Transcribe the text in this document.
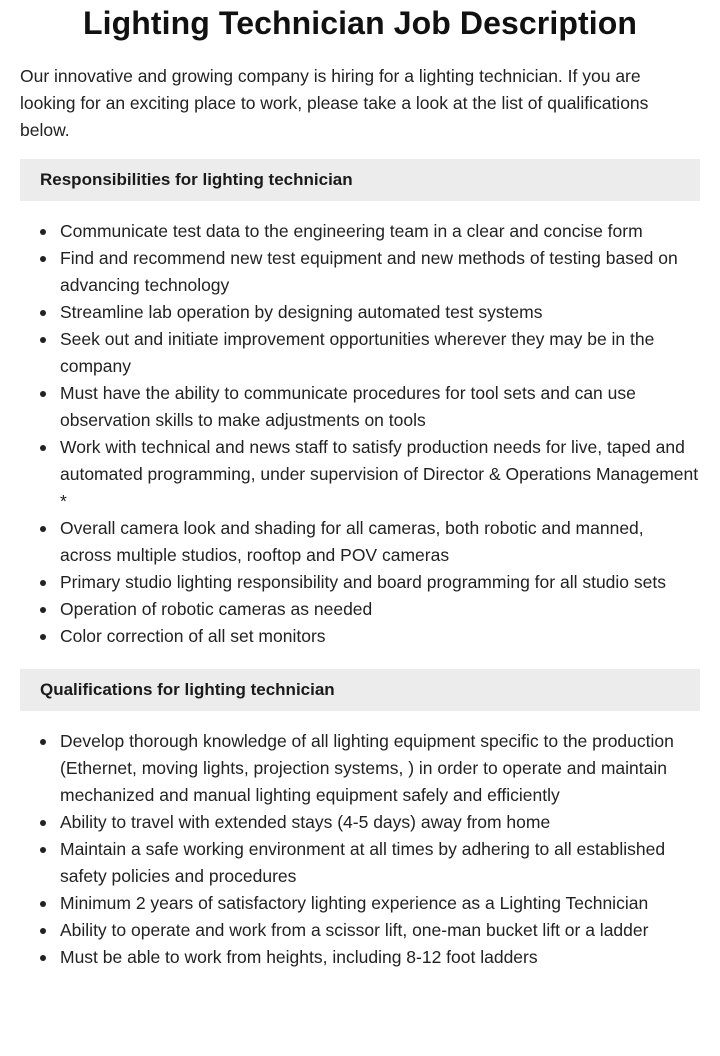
Lighting Technician Job Description

Our innovative and growing company is hiring for a lighting technician. If you are looking for an exciting place to work, please take a look at the list of qualifications below.

Responsibilities for lighting technician
Communicate test data to the engineering team in a clear and concise form
Find and recommend new test equipment and new methods of testing based on advancing technology
Streamline lab operation by designing automated test systems
Seek out and initiate improvement opportunities wherever they may be in the company
Must have the ability to communicate procedures for tool sets and can use observation skills to make adjustments on tools
Work with technical and news staff to satisfy production needs for live, taped and automated programming, under supervision of Director & Operations Management *
Overall camera look and shading for all cameras, both robotic and manned, across multiple studios, rooftop and POV cameras
Primary studio lighting responsibility and board programming for all studio sets
Operation of robotic cameras as needed
Color correction of all set monitors
Qualifications for lighting technician
Develop thorough knowledge of all lighting equipment specific to the production (Ethernet, moving lights, projection systems, ) in order to operate and maintain mechanized and manual lighting equipment safely and efficiently
Ability to travel with extended stays (4-5 days) away from home
Maintain a safe working environment at all times by adhering to all established safety policies and procedures
Minimum 2 years of satisfactory lighting experience as a Lighting Technician
Ability to operate and work from a scissor lift, one-man bucket lift or a ladder
Must be able to work from heights, including 8-12 foot ladders
